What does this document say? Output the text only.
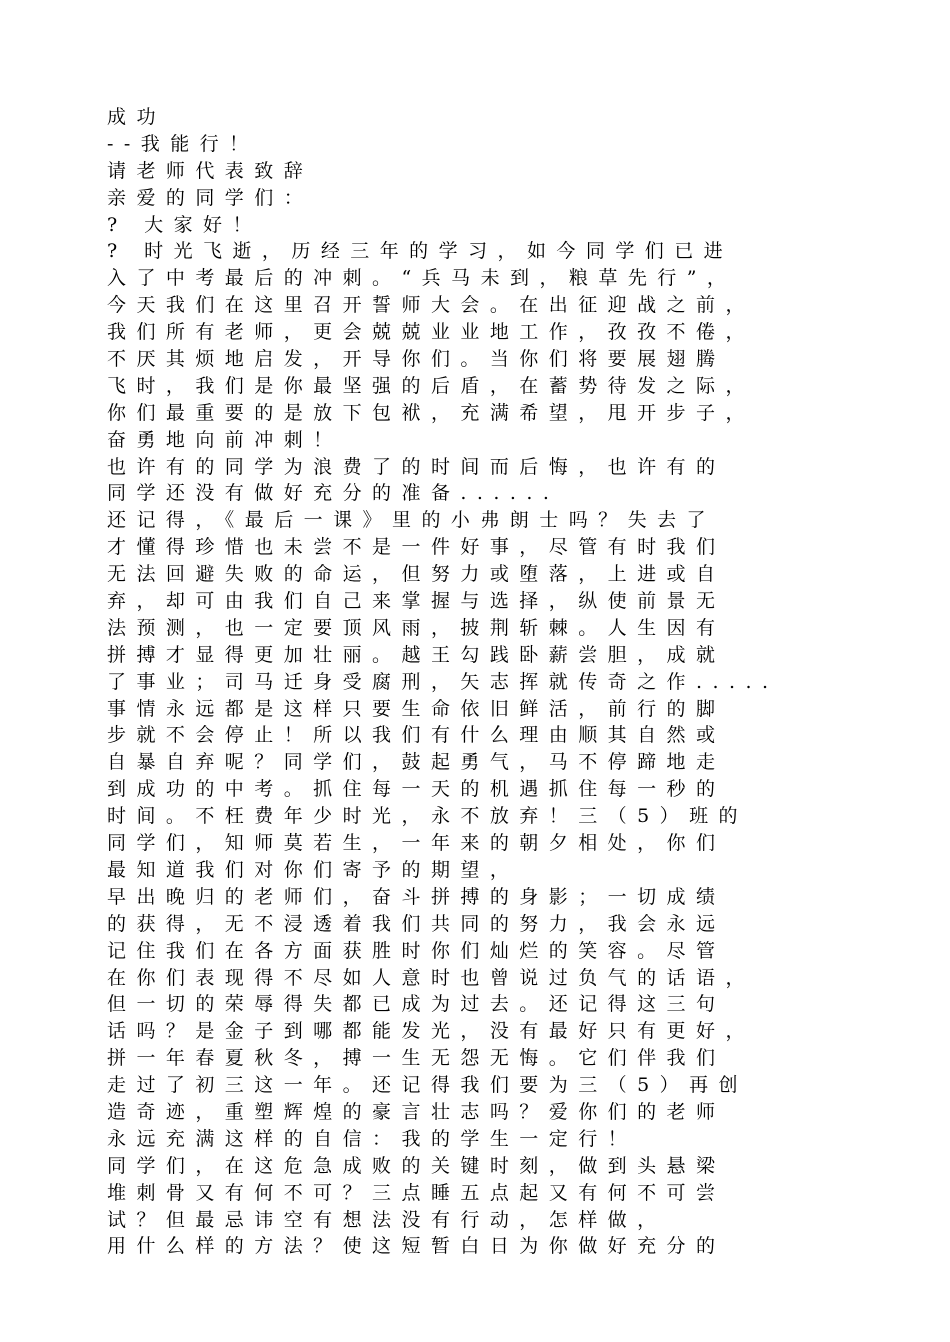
成功
--我能行！
请老师代表致辞
亲爱的同学们：
? 大家好！
? 时光飞逝，历经三年的学习，如今同学们已进
入了中考最后的冲刺。“兵马未到，粮草先行”，
今天我们在这里召开誓师大会。在出征迎战之前，
我们所有老师，更会兢兢业业地工作，孜孜不倦，
不厌其烦地启发，开导你们。当你们将要展翅腾
飞时，我们是你最坚强的后盾，在蓄势待发之际，
你们最重要的是放下包袱，充满希望，甩开步子，
奋勇地向前冲刺！
也许有的同学为浪费了的时间而后悔，也许有的
同学还没有做好充分的准备......
还记得，《最后一课》里的小弗朗士吗？失去了
才懂得珍惜也未尝不是一件好事，尽管有时我们
无法回避失败的命运，但努力或堕落，上进或自
弃，却可由我们自己来掌握与选择，纵使前景无
法预测，也一定要顶风雨，披荆斩棘。人生因有
拼搏才显得更加壮丽。越王勾践卧薪尝胆，成就
了事业；司马迁身受腐刑，矢志挥就传奇之作.....
事情永远都是这样只要生命依旧鲜活，前行的脚
步就不会停止！所以我们有什么理由顺其自然或
自暴自弃呢？同学们，鼓起勇气，马不停蹄地走
到成功的中考。抓住每一天的机遇抓住每一秒的
时间。不枉费年少时光，永不放弃！三（5）班的
同学们，知师莫若生，一年来的朝夕相处，你们
最知道我们对你们寄予的期望，
早出晚归的老师们，奋斗拼搏的身影；一切成绩
的获得，无不浸透着我们共同的努力，我会永远
记住我们在各方面获胜时你们灿烂的笑容。尽管
在你们表现得不尽如人意时也曾说过负气的话语，
但一切的荣辱得失都已成为过去。还记得这三句
话吗？是金子到哪都能发光，没有最好只有更好，
拼一年春夏秋冬，搏一生无怨无悔。它们伴我们
走过了初三这一年。还记得我们要为三（5）再创
造奇迹，重塑辉煌的豪言壮志吗？爱你们的老师
永远充满这样的自信：我的学生一定行！
同学们，在这危急成败的关键时刻，做到头悬梁
堆刺骨又有何不可？三点睡五点起又有何不可尝
试？但最忌讳空有想法没有行动，怎样做，
用什么样的方法？使这短暂白日为你做好充分的
